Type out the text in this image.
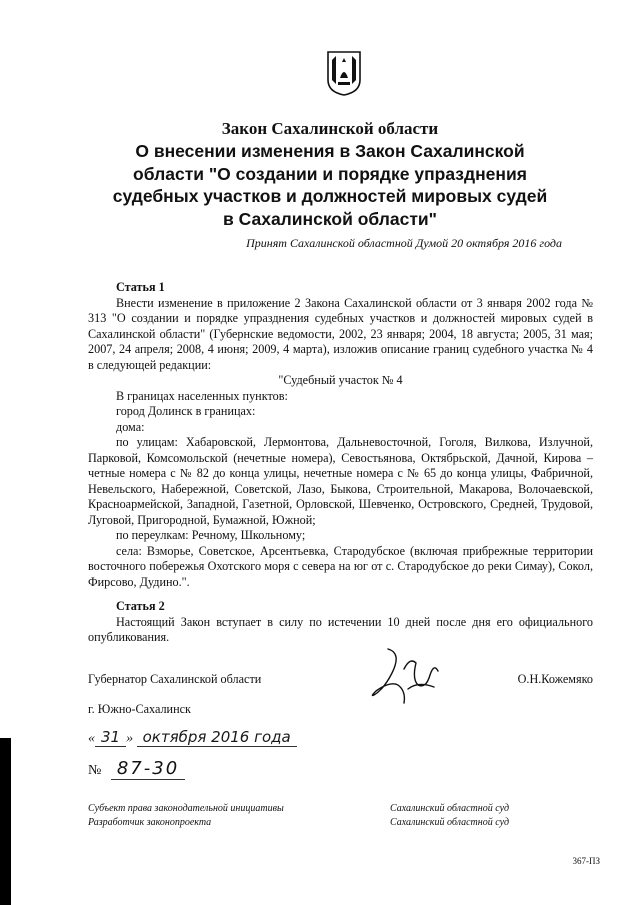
Закон Сахалинской области
О внесении изменения в Закон Сахалинской
области "О создании и порядке упразднения
судебных участков и должностей мировых судей
в Сахалинской области"
Принят Сахалинской областной Думой 20 октября 2016 года

Статья 1

Внести изменение в приложение 2 Закона Сахалинской области от 3 января 2002 года № 313 "О создании и порядке упразднения судебных участков и должностей мировых судей в Сахалинской области" (Губернские ведомости, 2002, 23 января; 2004, 18 августа; 2005, 31 мая; 2007, 24 апреля; 2008, 4 июня; 2009, 4 марта), изложив описание границ судебного участка № 4 в следующей редакции:

"Судебный участок № 4

В границах населенных пунктов:

город Долинск в границах:

дома:

по улицам: Хабаровской, Лермонтова, Дальневосточной, Гоголя, Вилкова, Излучной, Парковой, Комсомольской (нечетные номера), Севостьянова, Октябрьской, Дачной, Кирова – четные номера с № 82 до конца улицы, нечетные номера с № 65 до конца улицы, Фабричной, Невельского, Набережной, Советской, Лазо, Быкова, Строительной, Макарова, Волочаевской, Красноармейской, Западной, Газетной, Орловской, Шевченко, Островского, Средней, Трудовой, Луговой, Пригородной, Бумажной, Южной;

по переулкам: Речному, Школьному;

села: Взморье, Советское, Арсентьевка, Стародубское (включая прибрежные территории восточного побережья Охотского моря с севера на юг от с. Стародубское до реки Симау), Сокол, Фирсово, Дудино.".

Статья 2

Настоящий Закон вступает в силу по истечении 10 дней после дня его официального опубликования.

Губернатор Сахалинской области	О.Н.Кожемяко
г. Южно-Сахалинск
« 31 » октября 2016 года
№ 87-30
Субъект права законодательной инициативы
Разработчик законопроекта
Сахалинский областной суд
Сахалинский областной суд
367-ПЗ
